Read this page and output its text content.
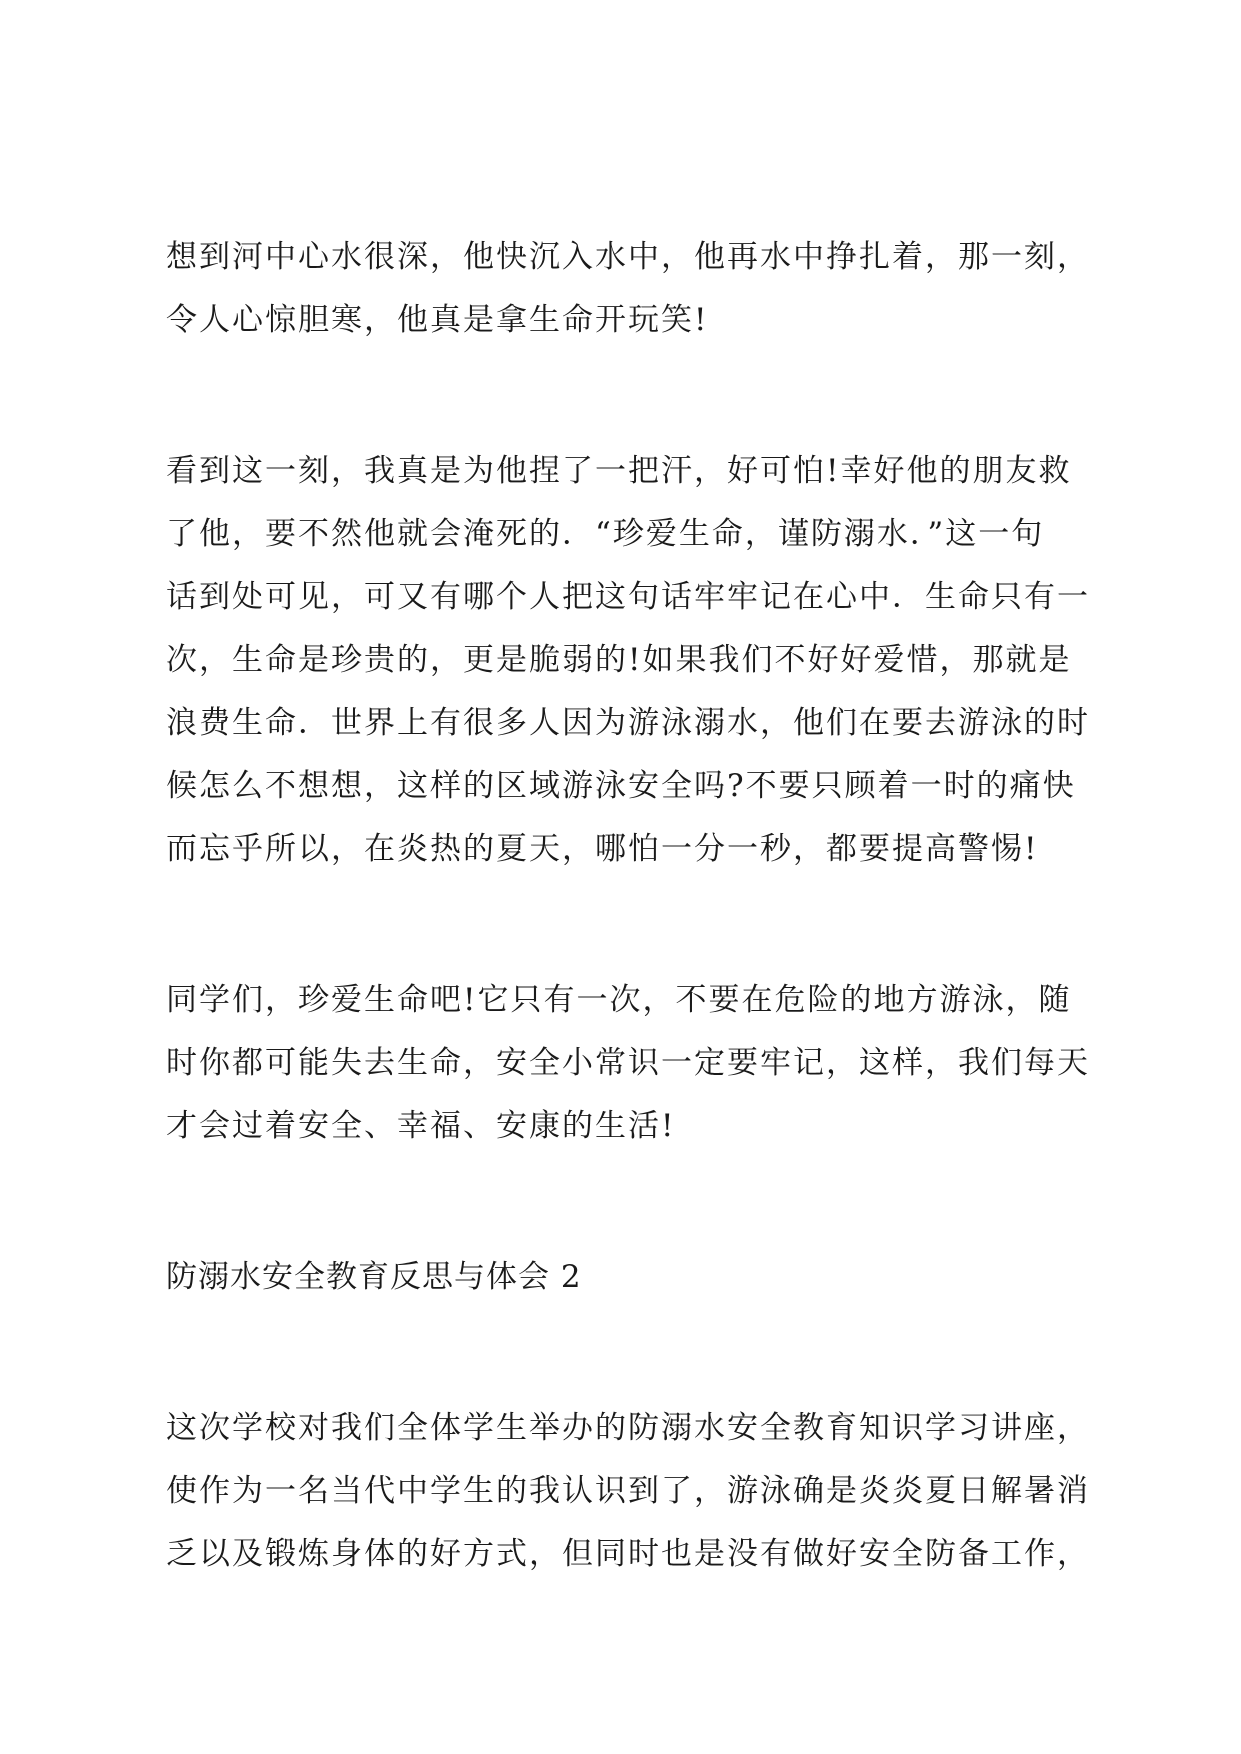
想到河中心水很深，他快沉入水中，他再水中挣扎着，那一刻，
令人心惊胆寒，他真是拿生命开玩笑!

看到这一刻，我真是为他捏了一把汗，好可怕!幸好他的朋友救
了他，要不然他就会淹死的．“珍爱生命，谨防溺水．”这一句
话到处可见，可又有哪个人把这句话牢牢记在心中．生命只有一
次，生命是珍贵的，更是脆弱的!如果我们不好好爱惜，那就是
浪费生命．世界上有很多人因为游泳溺水，他们在要去游泳的时
候怎么不想想，这样的区域游泳安全吗?不要只顾着一时的痛快
而忘乎所以，在炎热的夏天，哪怕一分一秒，都要提高警惕!

同学们，珍爱生命吧!它只有一次，不要在危险的地方游泳，随
时你都可能失去生命，安全小常识一定要牢记，这样，我们每天
才会过着安全、幸福、安康的生活!

防溺水安全教育反思与体会 2

这次学校对我们全体学生举办的防溺水安全教育知识学习讲座，
使作为一名当代中学生的我认识到了，游泳确是炎炎夏日解暑消
乏以及锻炼身体的好方式，但同时也是没有做好安全防备工作，
